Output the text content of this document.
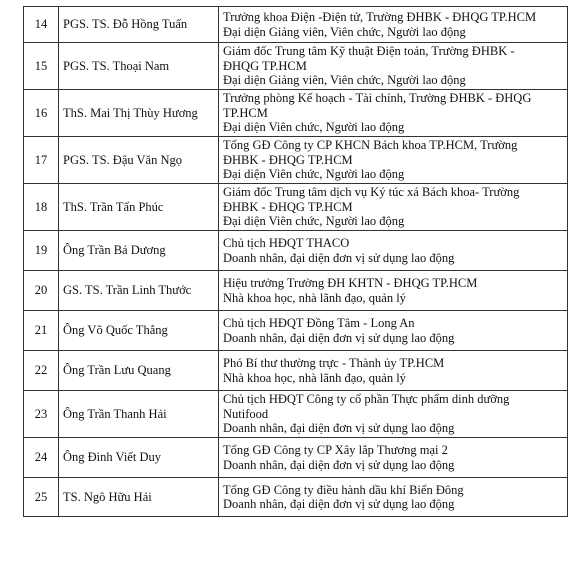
14	PGS. TS. Đỗ Hồng Tuấn	Trưởng khoa Điện -Điện tử, Trường ĐHBK - ĐHQG TP.HCM
Đại diện Giảng viên, Viên chức, Người lao động

15	PGS. TS. Thoại Nam	Giám đốc Trung tâm Kỹ thuật Điện toán, Trường ĐHBK -
ĐHQG TP.HCM
Đại diện Giảng viên, Viên chức, Người lao động

16	ThS. Mai Thị Thùy Hương	Trưởng phòng Kế hoạch - Tài chính, Trường ĐHBK - ĐHQG
TP.HCM
Đại diện Viên chức, Người lao động

17	PGS. TS. Đậu Văn Ngọ	Tổng GĐ Công ty CP KHCN Bách khoa TP.HCM, Trường
ĐHBK - ĐHQG TP.HCM
Đại diện Viên chức, Người lao động

18	ThS. Trần Tấn Phúc	Giám đốc Trung tâm dịch vụ Ký túc xá Bách khoa- Trường
ĐHBK - ĐHQG TP.HCM
Đại diện Viên chức, Người lao động

19	Ông Trần Bá Dương	Chủ tịch HĐQT THACO
Doanh nhân, đại diện đơn vị sử dụng lao động

20	GS. TS. Trần Linh Thước	Hiệu trưởng Trường ĐH KHTN - ĐHQG TP.HCM
Nhà khoa học, nhà lãnh đạo, quản lý

21	Ông Võ Quốc Thắng	Chủ tịch HĐQT Đồng Tâm - Long An
Doanh nhân, đại diện đơn vị sử dụng lao động

22	Ông Trần Lưu Quang	Phó Bí thư thường trực - Thành ủy TP.HCM
Nhà khoa học, nhà lãnh đạo, quản lý

23	Ông Trần Thanh Hải	Chủ tịch HĐQT Công ty cổ phần Thực phẩm dinh dưỡng
Nutifood
Doanh nhân, đại diện đơn vị sử dụng lao động

24	Ông Đinh Viết Duy	Tổng GĐ Công ty CP Xây lắp Thương mại 2
Doanh nhân, đại diện đơn vị sử dụng lao động

25	TS. Ngô Hữu Hải	Tổng GĐ Công ty điều hành dầu khí Biển Đông
Doanh nhân, đại diện đơn vị sử dụng lao động
